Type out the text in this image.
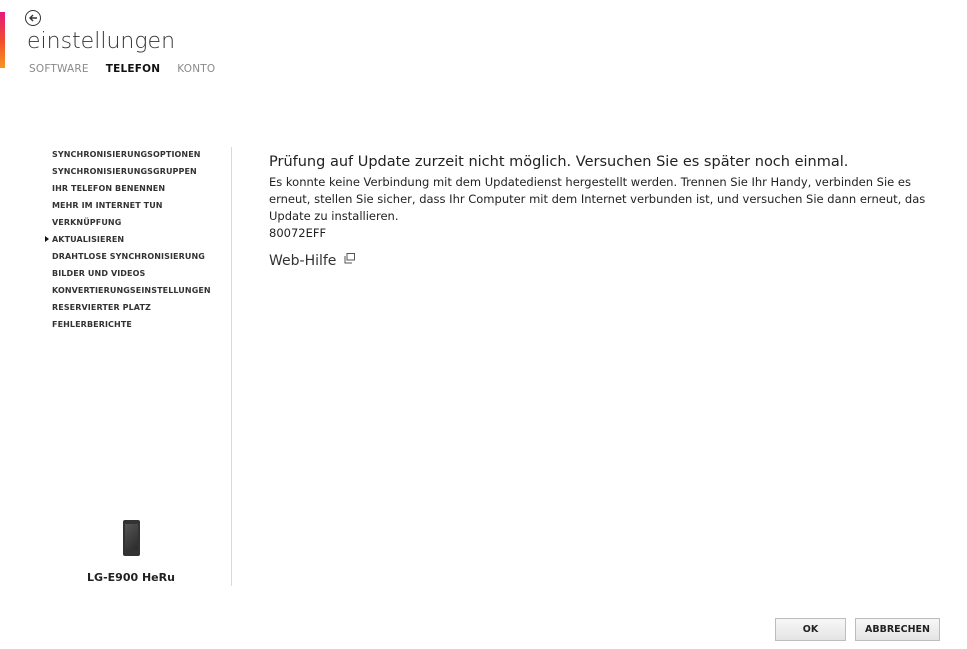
einstellungen
SOFTWARE TELEFON KONTO
SYNCHRONISIERUNGSOPTIONEN
SYNCHRONISIERUNGSGRUPPEN
IHR TELEFON BENENNEN
MEHR IM INTERNET TUN
VERKNÜPFUNG
AKTUALISIEREN
DRAHTLOSE SYNCHRONISIERUNG
BILDER UND VIDEOS
KONVERTIERUNGSEINSTELLUNGEN
RESERVIERTER PLATZ
FEHLERBERICHTE
LG-E900 HeRu
Prüfung auf Update zurzeit nicht möglich. Versuchen Sie es später noch einmal.

Es konnte keine Verbindung mit dem Updatedienst hergestellt werden. Trennen Sie Ihr Handy, verbinden Sie es erneut, stellen Sie sicher, dass Ihr Computer mit dem Internet verbunden ist, und versuchen Sie dann erneut, das Update zu installieren.

80072EFF
Web-Hilfe
OK	ABBRECHEN
